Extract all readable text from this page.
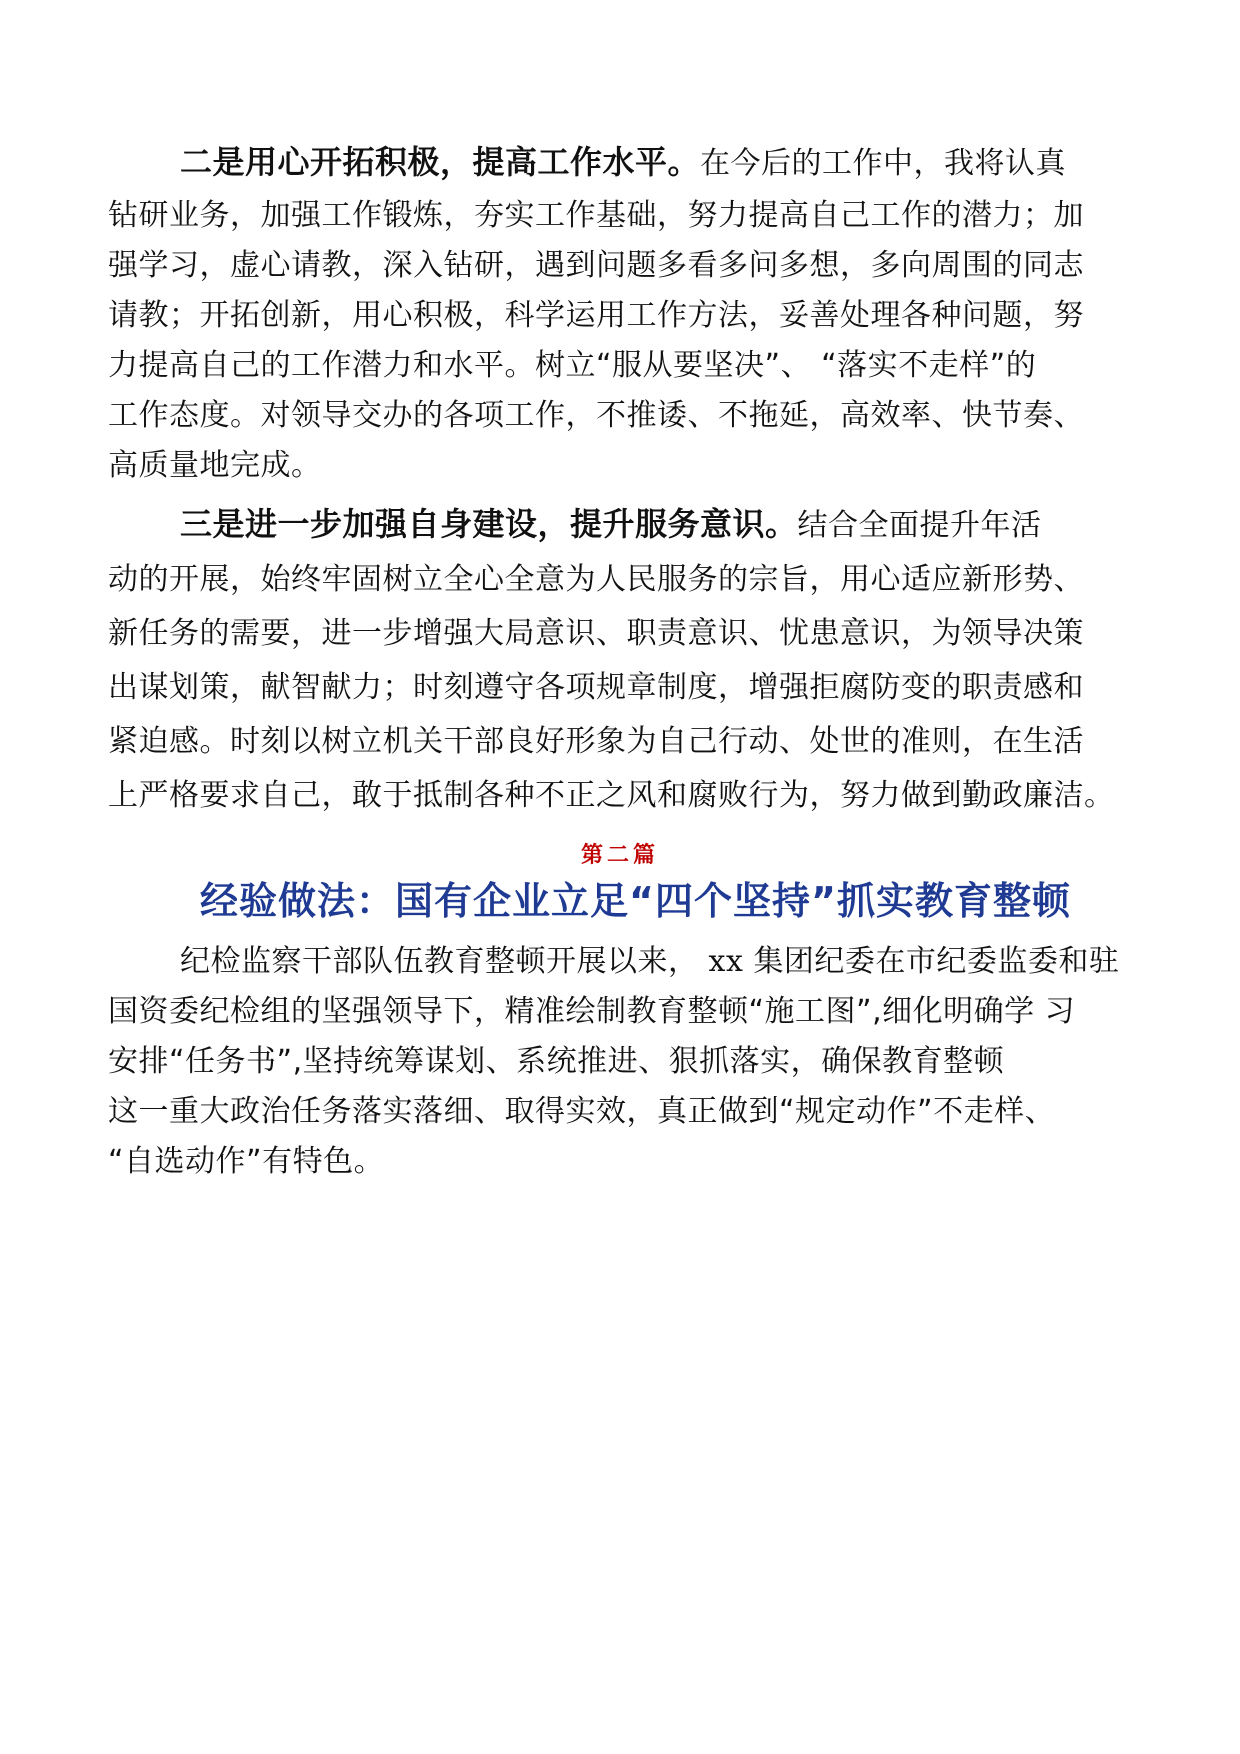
二是用心开拓积极，提高工作水平。在今后的工作中，我将认真
钻研业务，加强工作锻炼，夯实工作基础，努力提高自己工作的潜力；加
强学习，虚心请教，深入钻研，遇到问题多看多问多想，多向周围的同志
请教；开拓创新，用心积极，科学运用工作方法，妥善处理各种问题，努
力提高自己的工作潜力和水平。树立“服从要坚决”、 “落实不走样”的
工作态度。对领导交办的各项工作，不推诿、不拖延，高效率、快节奏、
高质量地完成。
三是进一步加强自身建设，提升服务意识。结合全面提升年活
动的开展，始终牢固树立全心全意为人民服务的宗旨，用心适应新形势、
新任务的需要，进一步增强大局意识、职责意识、忧患意识，为领导决策
出谋划策，献智献力；时刻遵守各项规章制度，增强拒腐防变的职责感和
紧迫感。时刻以树立机关干部良好形象为自己行动、处世的准则，在生活
上严格要求自己，敢于抵制各种不正之风和腐败行为，努力做到勤政廉洁。
第二篇
经验做法：国有企业立足“四个坚持”抓实教育整顿
纪检监察干部队伍教育整顿开展以来， xx 集团纪委在市纪委监委和驻
国资委纪检组的坚强领导下，精准绘制教育整顿“施工图”,细化明确学 习
安排“任务书”,坚持统筹谋划、系统推进、狠抓落实，确保教育整顿
这一重大政治任务落实落细、取得实效，真正做到“规定动作”不走样、
“自选动作”有特色。
